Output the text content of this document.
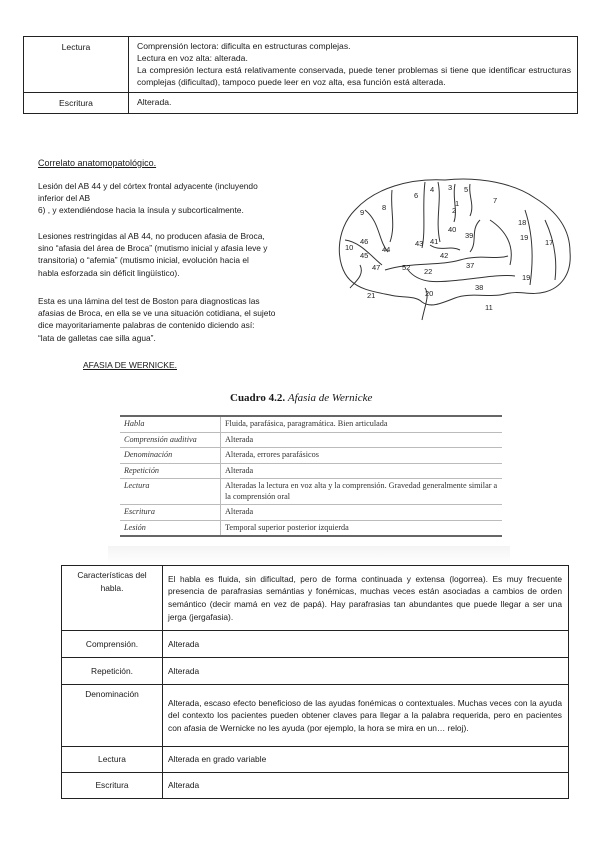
Lectura	Comprensión lectora: dificulta en estructuras complejas.
Lectura en voz alta: alterada.
La compresión lectura está relativamente conservada, puede tener problemas si tiene que identificar estructuras complejas (dificultad), tampoco puede leer en voz alta, esa función está alterada.

Escritura	Alterada.
Correlato anatomopatológico.

Lesión del AB 44 y del córtex frontal adyacente (incluyendo

inferior del AB

6) , y extendiéndose hacia la ínsula y subcorticalmente.

Lesiones restringidas al AB 44, no producen afasia de Broca,

sino “afasia del área de Broca” (mutismo inicial y afasia leve y

transitoria) o “afemia” (mutismo inicial, evolución hacia el

habla esforzada sin déficit lingüístico).

Esta es una lámina del test de Boston para diagnosticas las

afasias de Broca, en ella se ve una situación cotidiana, el sujeto

dice mayoritariamente palabras de contenido diciendo así:

“lata de galletas cae silla agua”.

9
8
6
4 3 5
7
1
2
10
46
45
47
44
43 41
40
39
42
52 22
37
38
21	20
11
18
19
17
19
AFASIA DE WERNICKE.
Cuadro 4.2. Afasia de Wernicke
Habla	Fluida, parafásica, paragramática. Bien articulada
Comprensión auditiva	Alterada
Denominación	Alterada, errores parafásicos
Repetición	Alterada
Lectura	Alteradas la lectura en voz alta y la comprensión. Gravedad generalmente similar a la comprensión oral
Escritura	Alterada
Lesión	Temporal superior posterior izquierda
Características del habla.	El habla es fluida, sin dificultad, pero de forma continuada y extensa (logorrea). Es muy frecuente presencia de parafrasias semántias y fonémicas, muchas veces están asociadas a cambios de orden semántico (decir mamá en vez de papá). Hay parafrasias tan abundantes que puede llegar a ser una jerga (jergafasia).
Comprensión.	Alterada
Repetición.	Alterada
Denominación	Alterada, escaso efecto beneficioso de las ayudas fonémicas o contextuales. Muchas veces con la ayuda del contexto los pacientes pueden obtener claves para llegar a la palabra requerida, pero en pacientes con afasia de Wernicke no les ayuda (por ejemplo, la hora se mira en un… reloj).
Lectura	Alterada en grado variable
Escritura	Alterada
